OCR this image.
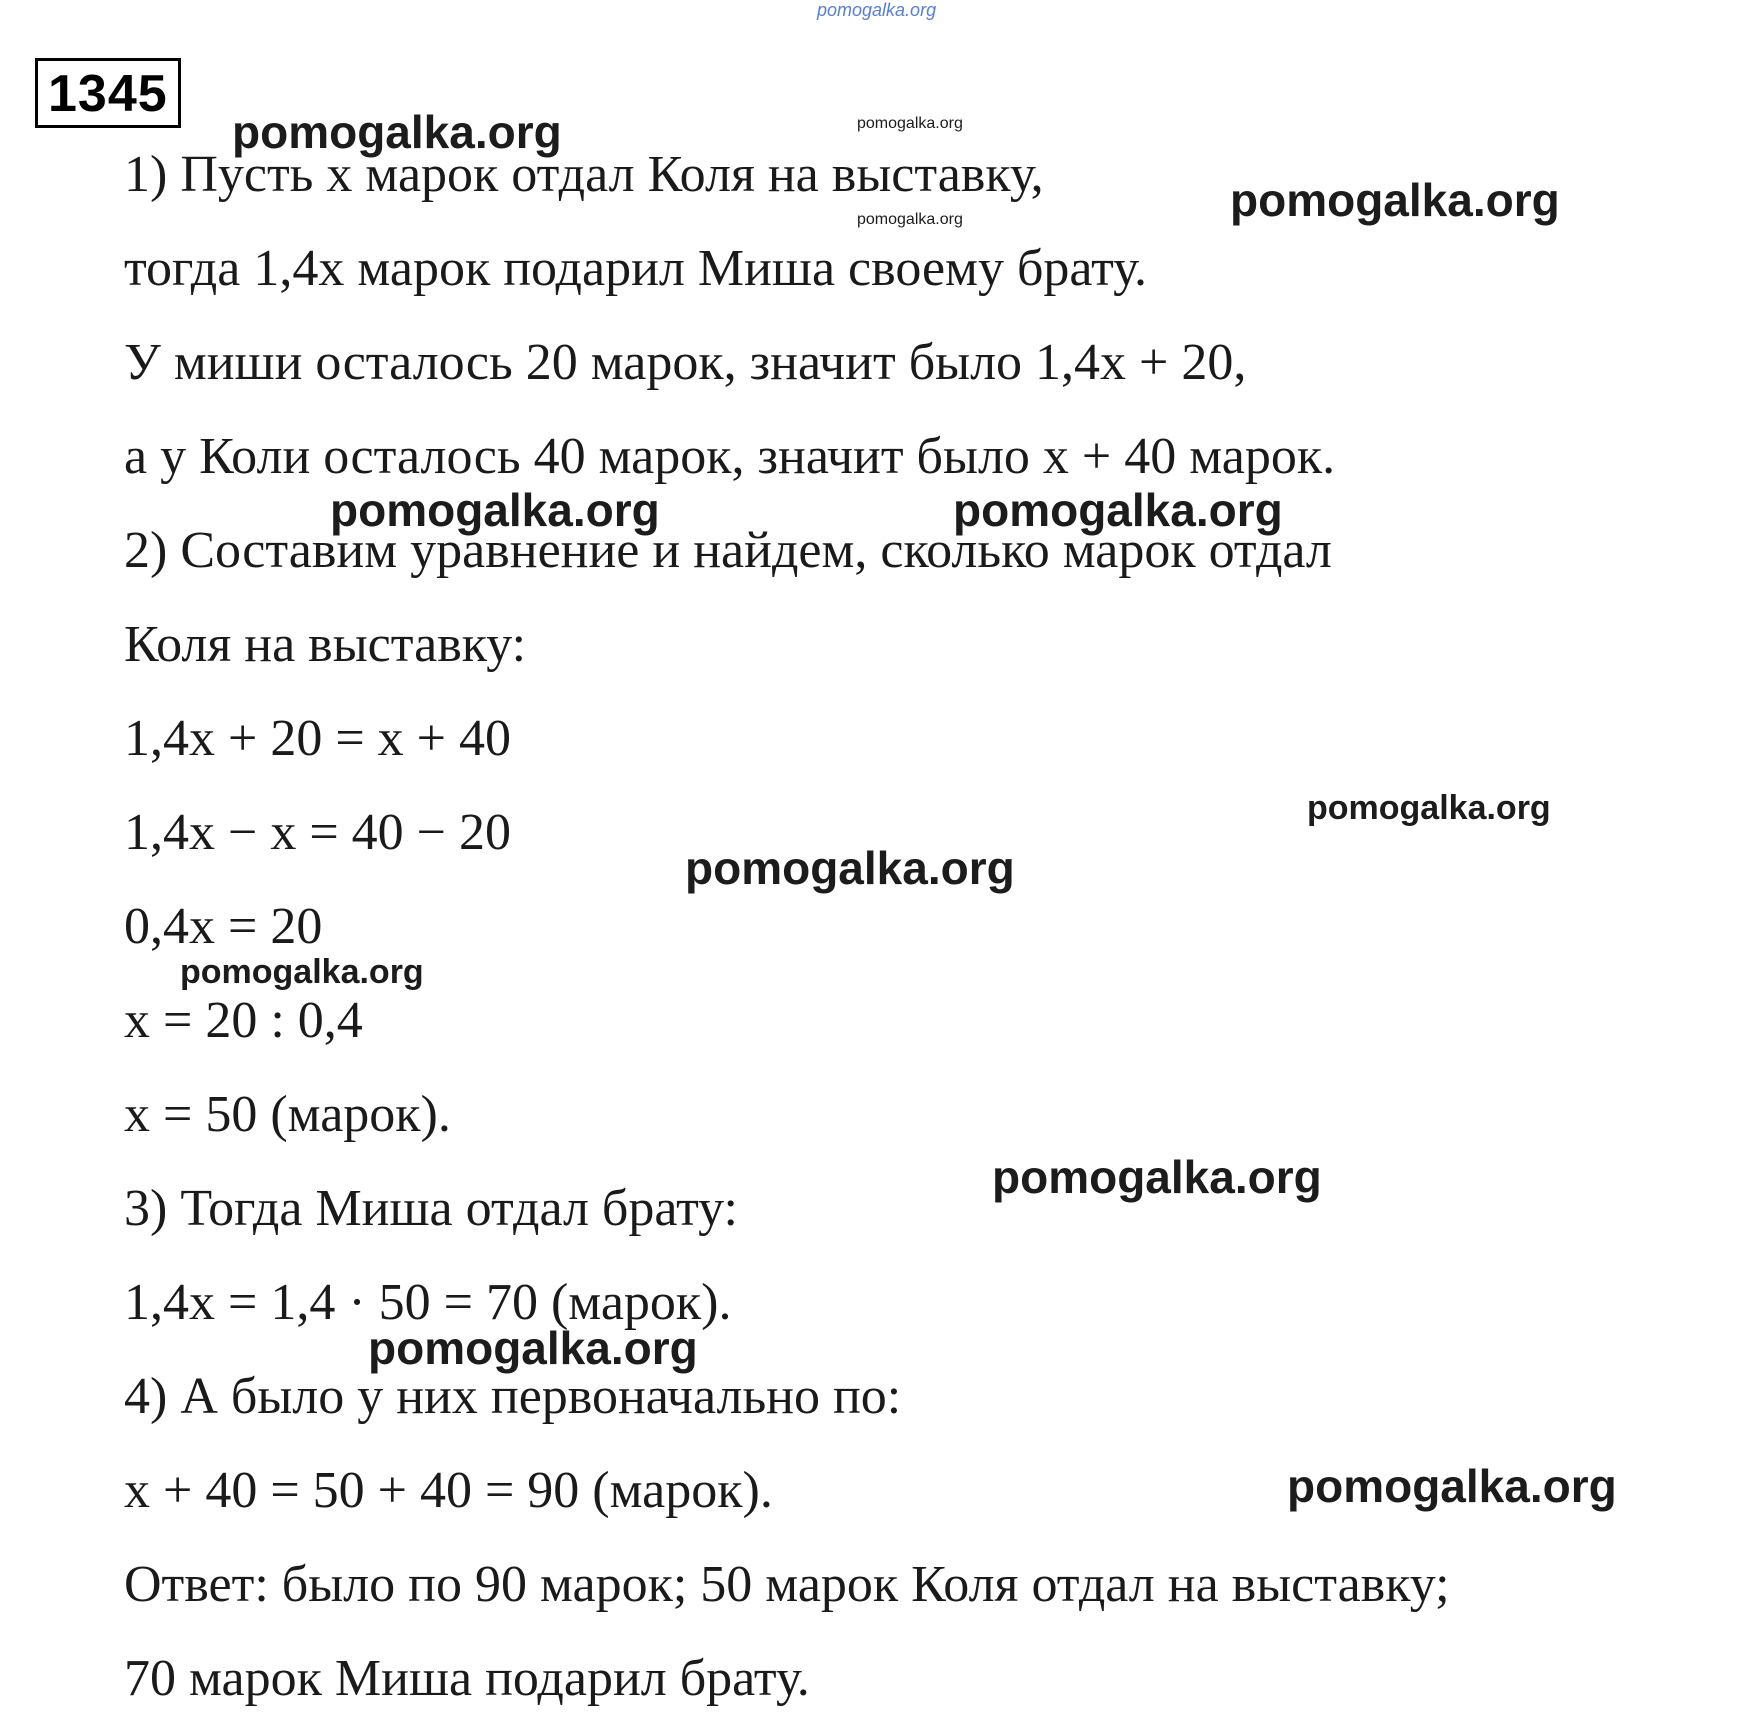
pomogalka.org
1345
1) Пусть x марок отдал Коля на выставку,
тогда 1,4x марок подарил Миша своему брату.
У миши осталось 20 марок, значит было 1,4x + 20,
а у Коли осталось 40 марок, значит было x + 40 марок.
2) Составим уравнение и найдем, сколько марок отдал
Коля на выставку:
1,4x + 20 = x + 40
1,4x − x = 40 − 20
0,4x = 20
x = 20 : 0,4
x = 50 (марок).
3) Тогда Миша отдал брату:
1,4x = 1,4 · 50 = 70 (марок).
4) А было у них первоначально по:
x + 40 = 50 + 40 = 90 (марок).
Ответ: было по 90 марок; 50 марок Коля отдал на выставку;
70 марок Миша подарил брату.
pomogalka.org	pomogalka.org
pomogalka.org
pomogalka.org
pomogalka.org	pomogalka.org
pomogalka.org
pomogalka.org
pomogalka.org
pomogalka.org
pomogalka.org
pomogalka.org
